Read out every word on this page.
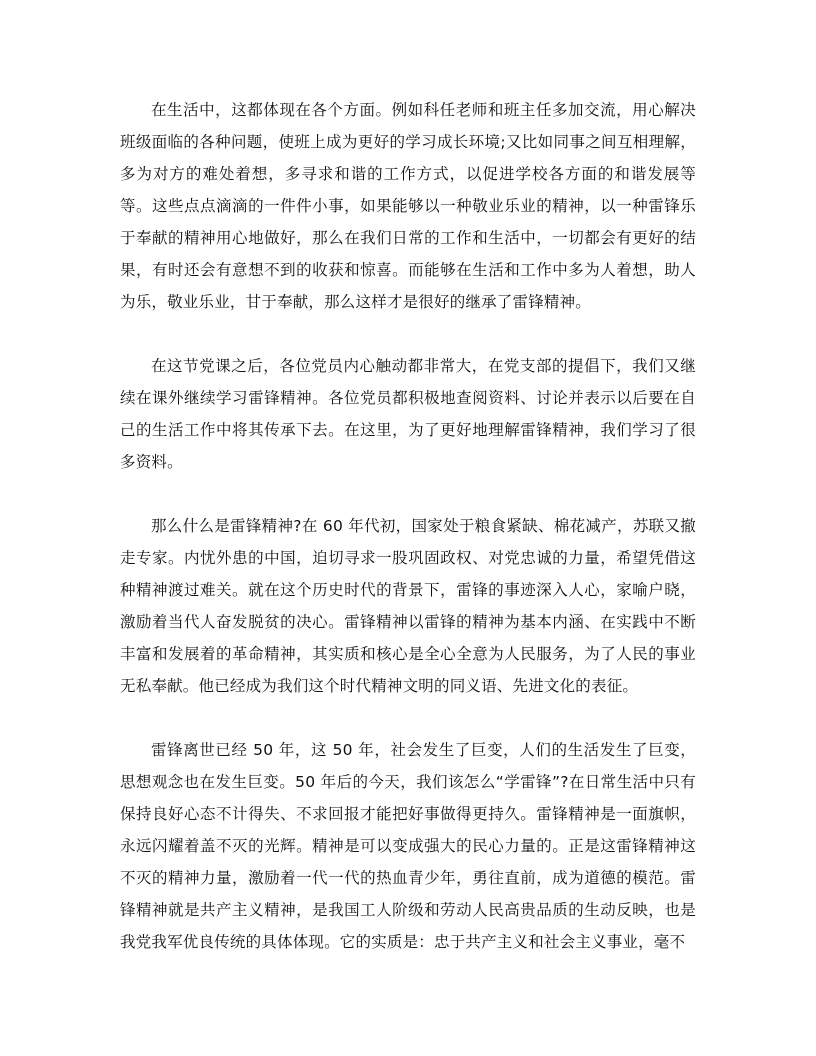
在生活中，这都体现在各个方面。例如科任老师和班主任多加交流，用心解决班级面临的各种问题，使班上成为更好的学习成长环境;又比如同事之间互相理解，多为对方的难处着想，多寻求和谐的工作方式，以促进学校各方面的和谐发展等等。这些点点滴滴的一件件小事，如果能够以一种敬业乐业的精神，以一种雷锋乐于奉献的精神用心地做好，那么在我们日常的工作和生活中，一切都会有更好的结果，有时还会有意想不到的收获和惊喜。而能够在生活和工作中多为人着想，助人为乐，敬业乐业，甘于奉献，那么这样才是很好的继承了雷锋精神。

在这节党课之后，各位党员内心触动都非常大，在党支部的提倡下，我们又继续在课外继续学习雷锋精神。各位党员都积极地查阅资料、讨论并表示以后要在自己的生活工作中将其传承下去。在这里，为了更好地理解雷锋精神，我们学习了很多资料。

那么什么是雷锋精神?在 60 年代初，国家处于粮食紧缺、棉花减产，苏联又撤走专家。内忧外患的中国，迫切寻求一股巩固政权、对党忠诚的力量，希望凭借这种精神渡过难关。就在这个历史时代的背景下，雷锋的事迹深入人心，家喻户晓，激励着当代人奋发脱贫的决心。雷锋精神以雷锋的精神为基本内涵、在实践中不断丰富和发展着的革命精神，其实质和核心是全心全意为人民服务，为了人民的事业无私奉献。他已经成为我们这个时代精神文明的同义语、先进文化的表征。

雷锋离世已经 50 年，这 50 年，社会发生了巨变，人们的生活发生了巨变，思想观念也在发生巨变。50 年后的今天，我们该怎么“学雷锋”?在日常生活中只有保持良好心态不计得失、不求回报才能把好事做得更持久。雷锋精神是一面旗帜，永远闪耀着盖不灭的光辉。精神是可以变成强大的民心力量的。正是这雷锋精神这不灭的精神力量，激励着一代一代的热血青少年，勇往直前，成为道德的模范。雷锋精神就是共产主义精神，是我国工人阶级和劳动人民高贵品质的生动反映，也是我党我军优良传统的具体体现。它的实质是：忠于共产主义和社会主义事业，毫不
